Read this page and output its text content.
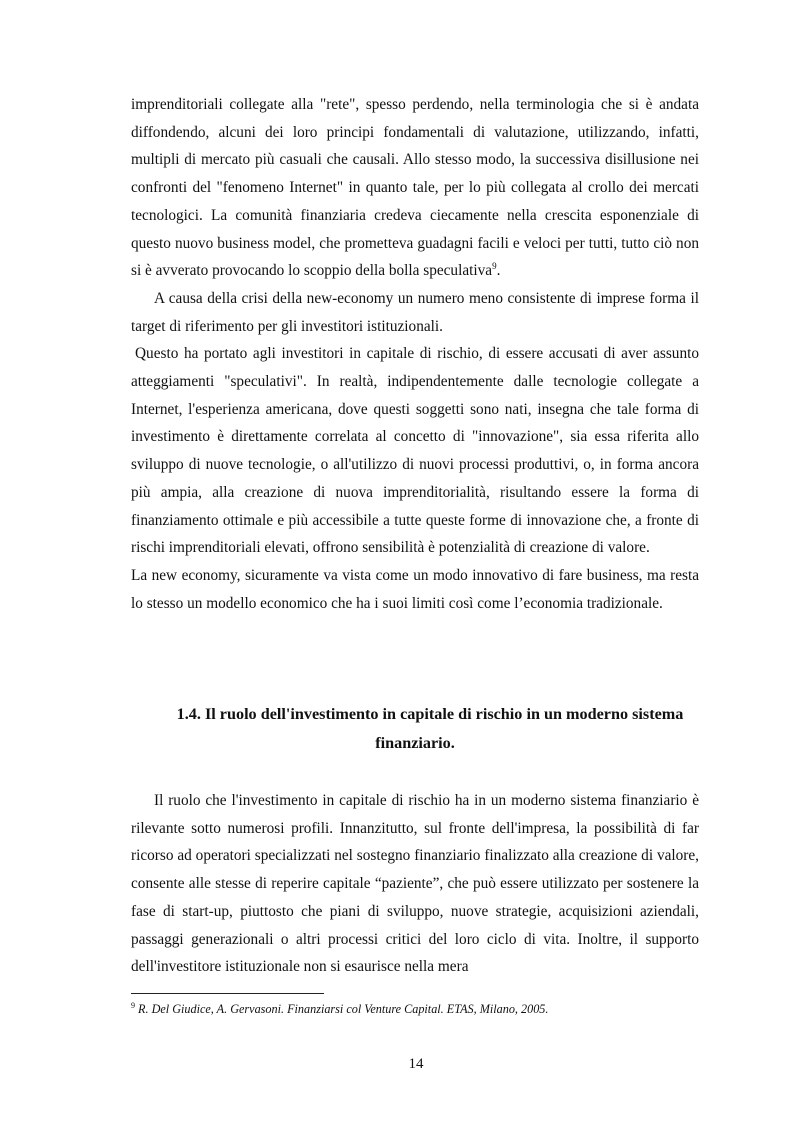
imprenditoriali collegate alla "rete", spesso perdendo, nella terminologia che si è andata diffondendo, alcuni dei loro principi fondamentali di valutazione, utilizzando, infatti, multipli di mercato più casuali che causali. Allo stesso modo, la successiva disillusione nei confronti del "fenomeno Internet" in quanto tale, per lo più collegata al crollo dei mercati tecnologici. La comunità finanziaria credeva ciecamente nella crescita esponenziale di questo nuovo business model, che prometteva guadagni facili e veloci per tutti, tutto ciò non si è avverato provocando lo scoppio della bolla speculativa$^9$.

A causa della crisi della new-economy un numero meno consistente di imprese forma il target di riferimento per gli investitori istituzionali.

Questo ha portato agli investitori in capitale di rischio, di essere accusati di aver assunto atteggiamenti "speculativi". In realtà, indipendentemente dalle tecnologie collegate a Internet, l'esperienza americana, dove questi soggetti sono nati, insegna che tale forma di investimento è direttamente correlata al concetto di "innovazione", sia essa riferita allo sviluppo di nuove tecnologie, o all'utilizzo di nuovi processi produttivi, o, in forma ancora più ampia, alla creazione di nuova imprenditorialità, risultando essere la forma di finanziamento ottimale e più accessibile a tutte queste forme di innovazione che, a fronte di rischi imprenditoriali elevati, offrono sensibilità è potenzialità di creazione di valore.

La new economy, sicuramente va vista come un modo innovativo di fare business, ma resta lo stesso un modello economico che ha i suoi limiti così come l’economia tradizionale.

1.4. Il ruolo dell'investimento in capitale di rischio in un moderno sistema
finanziario.

Il ruolo che l'investimento in capitale di rischio ha in un moderno sistema finanziario è rilevante sotto numerosi profili. Innanzitutto, sul fronte dell'impresa, la possibilità di far ricorso ad operatori specializzati nel sostegno finanziario finalizzato alla creazione di valore, consente alle stesse di reperire capitale “paziente”, che può essere utilizzato per sostenere la fase di start-up, piuttosto che piani di sviluppo, nuove strategie, acquisizioni aziendali, passaggi generazionali o altri processi critici del loro ciclo di vita. Inoltre, il supporto dell'investitore istituzionale non si esaurisce nella mera

$^9$ R. Del Giudice, A. Gervasoni. Finanziarsi col Venture Capital. ETAS, Milano, 2005.
14
